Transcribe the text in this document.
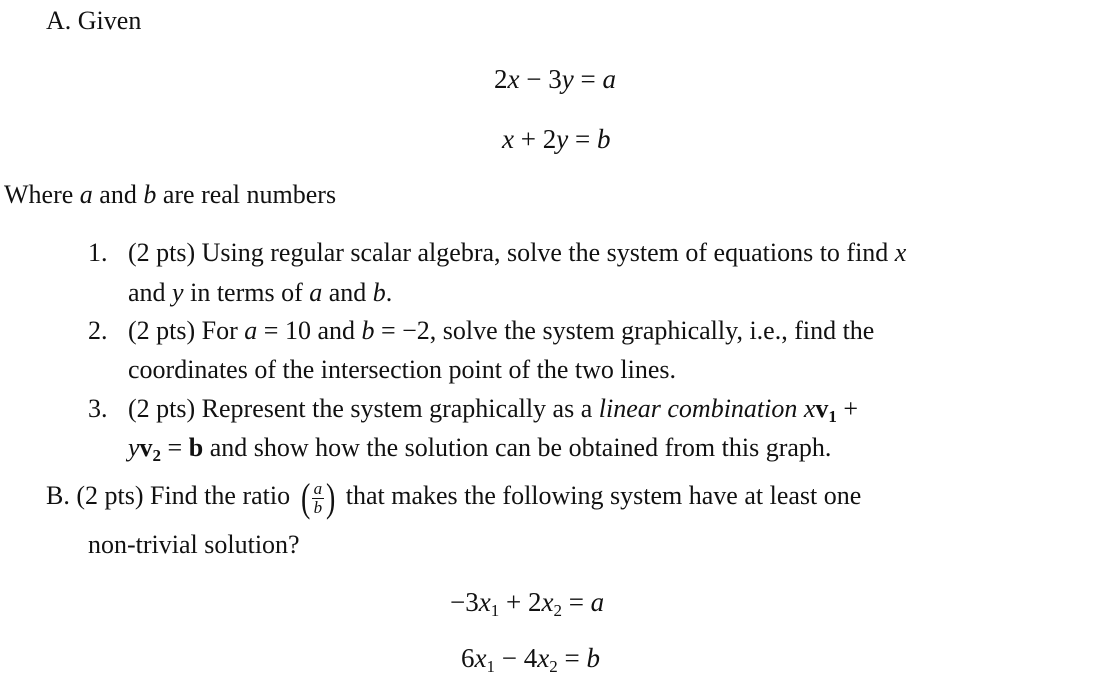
A. Given
2x − 3y = a
x + 2y = b
Where a and b are real numbers
1. (2 pts) Using regular scalar algebra, solve the system of equations to find x
and y in terms of a and b.
2. (2 pts) For a = 10 and b = −2, solve the system graphically, i.e., find the
coordinates of the intersection point of the two lines.
3. (2 pts) Represent the system graphically as a linear combination $xv_1$ +
$yv_2 = b$ and show how the solution can be obtained from this graph.
B. (2 pts) Find the ratio ( $\frac{a}{b}$ ) that makes the following system have at least one
non-trivial solution?
$-3x_1 + 2x_2 = a$
$6x_1 - 4x_2 = b$
